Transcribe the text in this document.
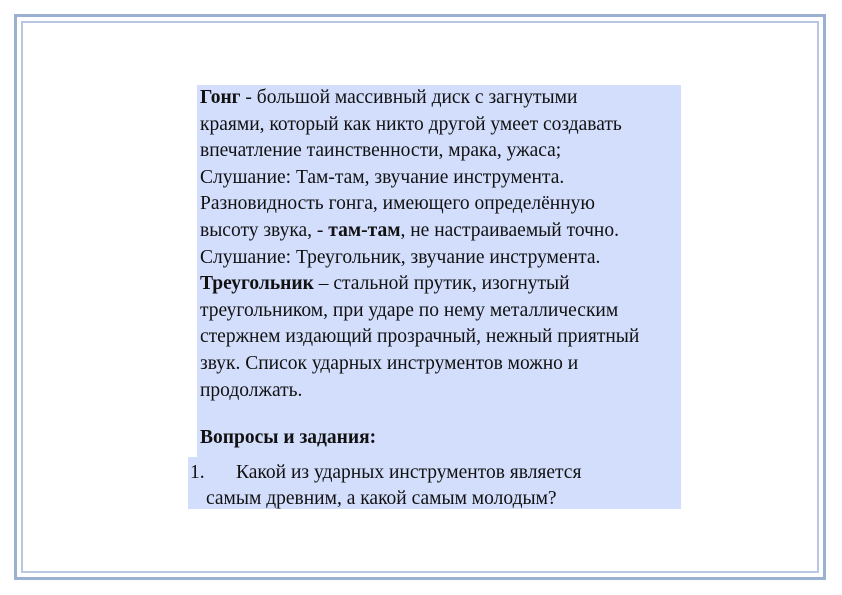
Гонг - большой массивный диск с загнутыми
краями, который как никто другой умеет создавать
впечатление таинственности, мрака, ужаса;
Слушание: Там-там, звучание инструмента.
Разновидность гонга, имеющего определённую
высоту звука, - там-там, не настраиваемый точно.
Слушание: Треугольник, звучание инструмента.
Треугольник – стальной прутик, изогнутый
треугольником, при ударе по нему металлическим
стержнем издающий прозрачный, нежный приятный
звук. Список ударных инструментов можно и
продолжать.
Вопросы и задания:
1. Какой из ударных инструментов является
самым древним, а какой самым молодым?
